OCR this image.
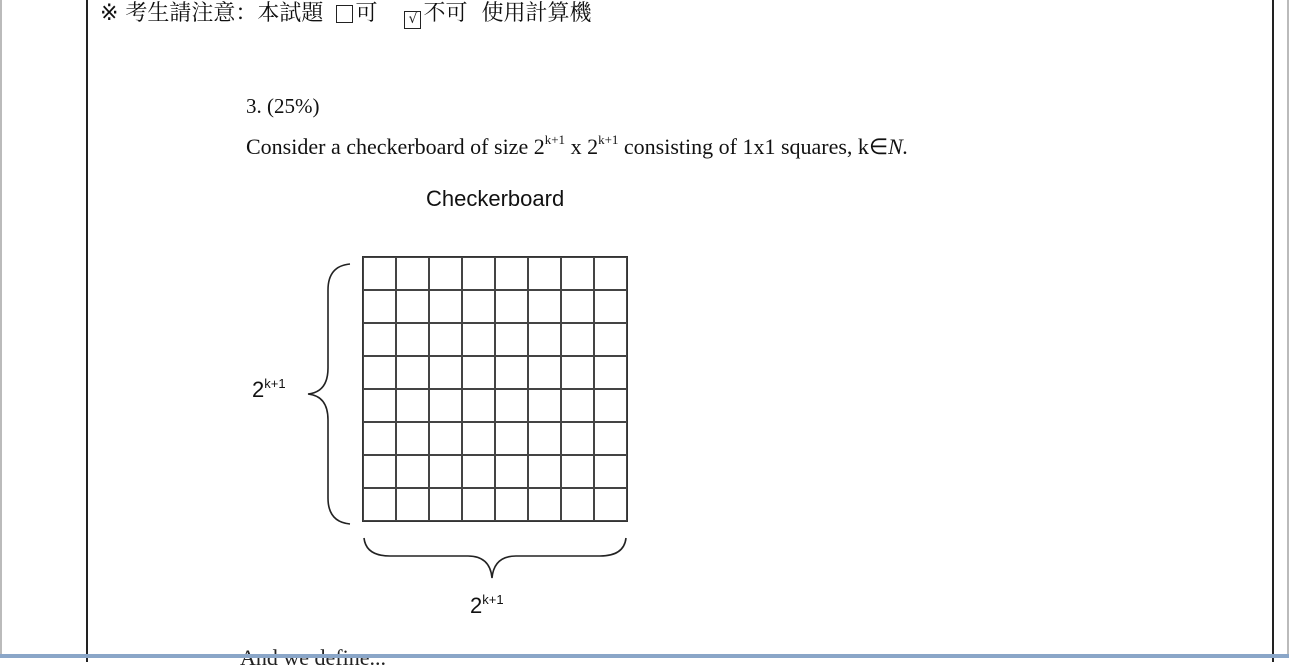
※ 考生請注意：本試題 可 √ 不可 使用計算機
3. (25%)
Consider a checkerboard of size $2^{k+1}$ x $2^{k+1}$ consisting of 1x1 squares, k∈N.
Checkerboard
$2^{k+1}$
$2^{k+1}$
